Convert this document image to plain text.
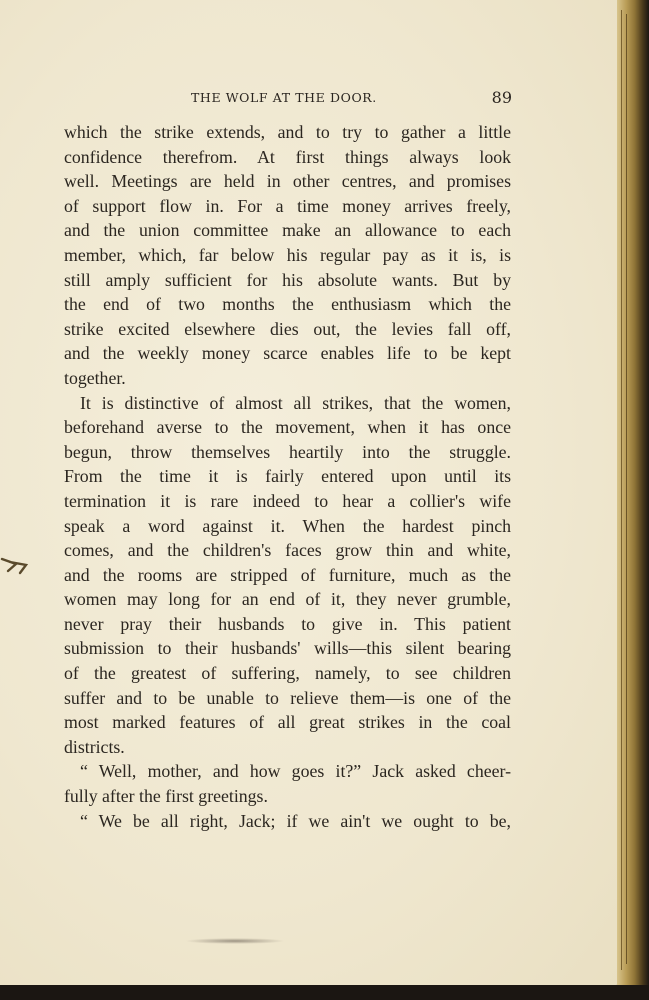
THE WOLF AT THE DOOR.	89
which the strike extends, and to try to gather a little
confidence therefrom. At first things always look
well. Meetings are held in other centres, and promises
of support flow in. For a time money arrives freely,
and the union committee make an allowance to each
member, which, far below his regular pay as it is, is
still amply sufficient for his absolute wants. But by
the end of two months the enthusiasm which the
strike excited elsewhere dies out, the levies fall off,
and the weekly money scarce enables life to be kept
together.
It is distinctive of almost all strikes, that the women,
beforehand averse to the movement, when it has once
begun, throw themselves heartily into the struggle.
From the time it is fairly entered upon until its
termination it is rare indeed to hear a collier's wife
speak a word against it. When the hardest pinch
comes, and the children's faces grow thin and white,
and the rooms are stripped of furniture, much as the
women may long for an end of it, they never grumble,
never pray their husbands to give in. This patient
submission to their husbands' wills—this silent bearing
of the greatest of suffering, namely, to see children
suffer and to be unable to relieve them—is one of the
most marked features of all great strikes in the coal
districts.
“ Well, mother, and how goes it?” Jack asked cheer-
fully after the first greetings.
“ We be all right, Jack; if we ain't we ought to be,
